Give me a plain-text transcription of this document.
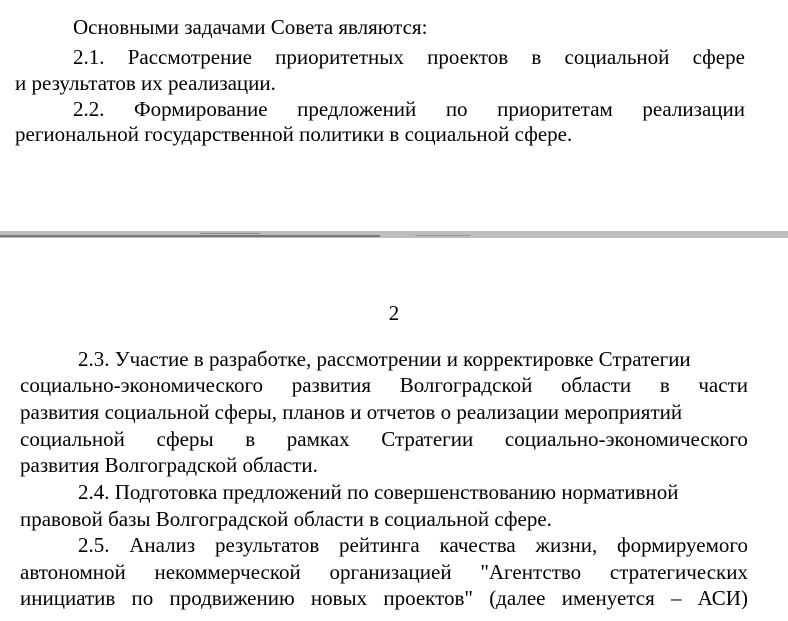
Основными задачами Совета являются:
2.1. Рассмотрение приоритетных проектов в социальной сфере
и результатов их реализации.
2.2. Формирование предложений по приоритетам реализации
региональной государственной политики в социальной сфере.
2
2.3. Участие в разработке, рассмотрении и корректировке Стратегии
социально-экономического развития Волгоградской области в части
развития социальной сферы, планов и отчетов о реализации мероприятий
социальной сферы в рамках Стратегии социально-экономического
развития Волгоградской области.
2.4. Подготовка предложений по совершенствованию нормативной
правовой базы Волгоградской области в социальной сфере.
2.5. Анализ результатов рейтинга качества жизни, формируемого
автономной некоммерческой организацией "Агентство стратегических
инициатив по продвижению новых проектов" (далее именуется – АСИ)
